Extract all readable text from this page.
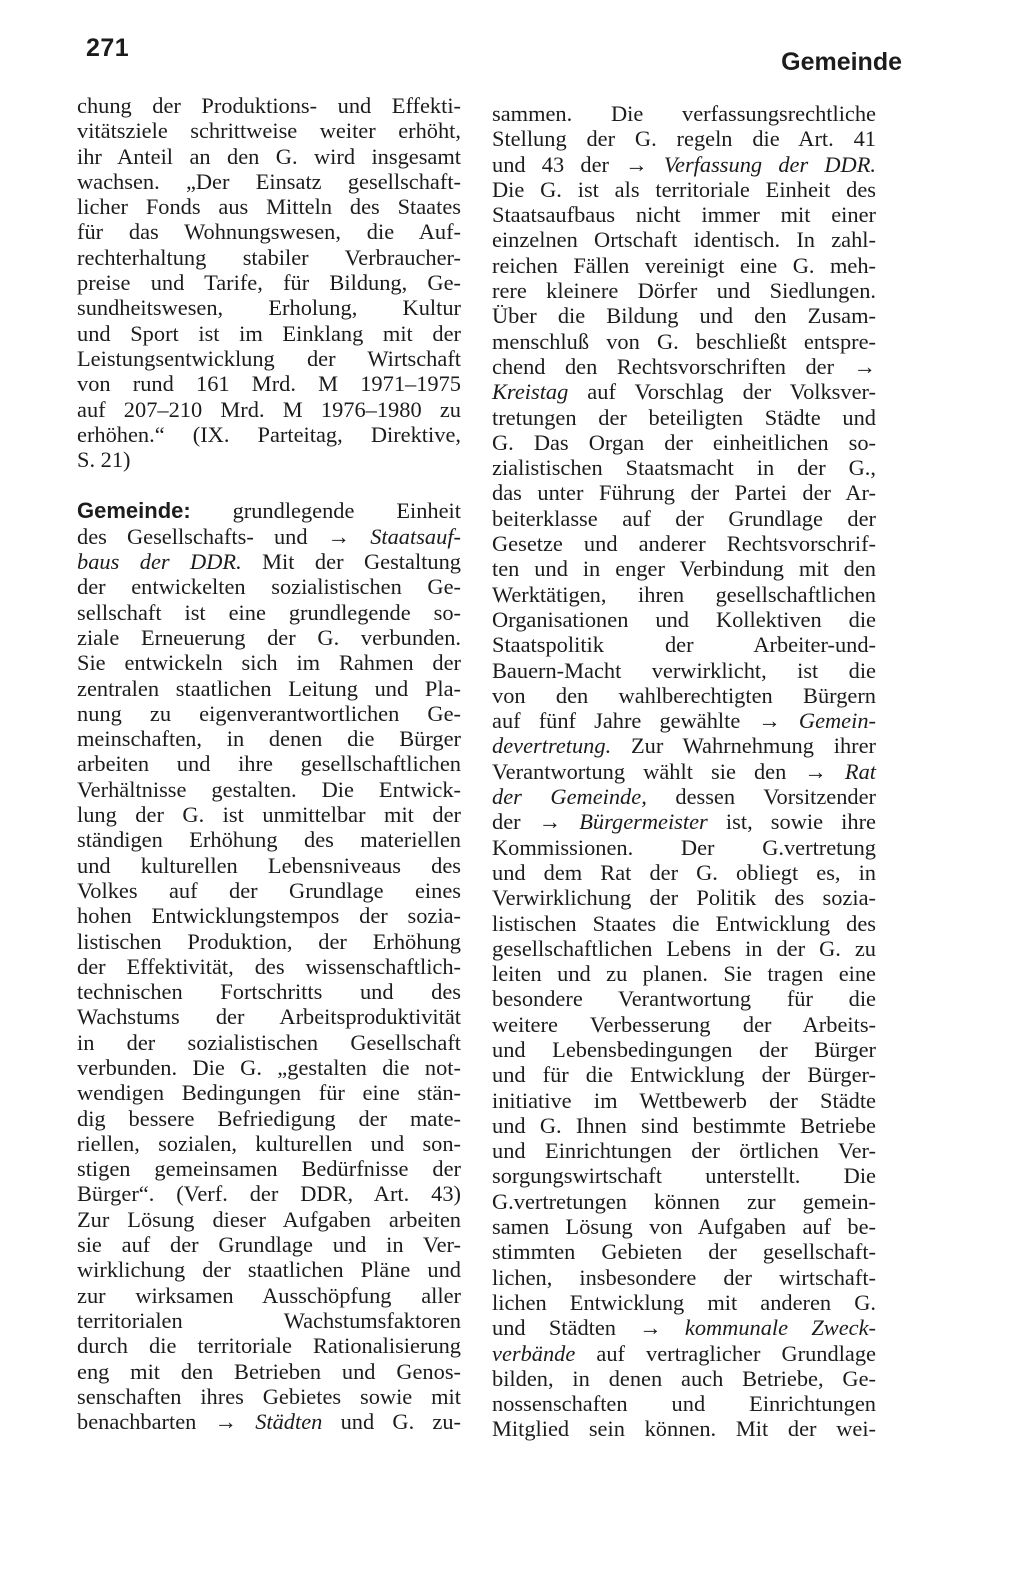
271	Gemeinde
chung der Produktions- und Effekti-
vitätsziele schrittweise weiter erhöht,
ihr Anteil an den G. wird insgesamt
wachsen. „Der Einsatz gesellschaft-
licher Fonds aus Mitteln des Staates
für das Wohnungswesen, die Auf-
rechterhaltung stabiler Verbraucher-
preise und Tarife, für Bildung, Ge-
sundheitswesen, Erholung, Kultur
und Sport ist im Einklang mit der
Leistungsentwicklung der Wirtschaft
von rund 161 Mrd. M 1971–1975
auf 207–210 Mrd. M 1976–1980 zu
erhöhen.“ (IX. Parteitag, Direktive,
S. 21)
Gemeinde: grundlegende Einheit
des Gesellschafts- und → Staatsauf-
baus der DDR. Mit der Gestaltung
der entwickelten sozialistischen Ge-
sellschaft ist eine grundlegende so-
ziale Erneuerung der G. verbunden.
Sie entwickeln sich im Rahmen der
zentralen staatlichen Leitung und Pla-
nung zu eigenverantwortlichen Ge-
meinschaften, in denen die Bürger
arbeiten und ihre gesellschaftlichen
Verhältnisse gestalten. Die Entwick-
lung der G. ist unmittelbar mit der
ständigen Erhöhung des materiellen
und kulturellen Lebensniveaus des
Volkes auf der Grundlage eines
hohen Entwicklungstempos der sozia-
listischen Produktion, der Erhöhung
der Effektivität, des wissenschaftlich-
technischen Fortschritts und des
Wachstums der Arbeitsproduktivität
in der sozialistischen Gesellschaft
verbunden. Die G. „gestalten die not-
wendigen Bedingungen für eine stän-
dig bessere Befriedigung der mate-
riellen, sozialen, kulturellen und son-
stigen gemeinsamen Bedürfnisse der
Bürger“. (Verf. der DDR, Art. 43)
Zur Lösung dieser Aufgaben arbeiten
sie auf der Grundlage und in Ver-
wirklichung der staatlichen Pläne und
zur wirksamen Ausschöpfung aller
territorialen Wachstumsfaktoren
durch die territoriale Rationalisierung
eng mit den Betrieben und Genos-
senschaften ihres Gebietes sowie mit
benachbarten → Städten und G. zu-
sammen. Die verfassungsrechtliche
Stellung der G. regeln die Art. 41
und 43 der → Verfassung der DDR.
Die G. ist als territoriale Einheit des
Staatsaufbaus nicht immer mit einer
einzelnen Ortschaft identisch. In zahl-
reichen Fällen vereinigt eine G. meh-
rere kleinere Dörfer und Siedlungen.
Über die Bildung und den Zusam-
menschluß von G. beschließt entspre-
chend den Rechtsvorschriften der →
Kreistag auf Vorschlag der Volksver-
tretungen der beteiligten Städte und
G. Das Organ der einheitlichen so-
zialistischen Staatsmacht in der G.,
das unter Führung der Partei der Ar-
beiterklasse auf der Grundlage der
Gesetze und anderer Rechtsvorschrif-
ten und in enger Verbindung mit den
Werktätigen, ihren gesellschaftlichen
Organisationen und Kollektiven die
Staatspolitik der Arbeiter-und-
Bauern-Macht verwirklicht, ist die
von den wahlberechtigten Bürgern
auf fünf Jahre gewählte → Gemein-
devertretung. Zur Wahrnehmung ihrer
Verantwortung wählt sie den → Rat
der Gemeinde, dessen Vorsitzender
der → Bürgermeister ist, sowie ihre
Kommissionen. Der G.vertretung
und dem Rat der G. obliegt es, in
Verwirklichung der Politik des sozia-
listischen Staates die Entwicklung des
gesellschaftlichen Lebens in der G. zu
leiten und zu planen. Sie tragen eine
besondere Verantwortung für die
weitere Verbesserung der Arbeits-
und Lebensbedingungen der Bürger
und für die Entwicklung der Bürger-
initiative im Wettbewerb der Städte
und G. Ihnen sind bestimmte Betriebe
und Einrichtungen der örtlichen Ver-
sorgungswirtschaft unterstellt. Die
G.vertretungen können zur gemein-
samen Lösung von Aufgaben auf be-
stimmten Gebieten der gesellschaft-
lichen, insbesondere der wirtschaft-
lichen Entwicklung mit anderen G.
und Städten → kommunale Zweck-
verbände auf vertraglicher Grundlage
bilden, in denen auch Betriebe, Ge-
nossenschaften und Einrichtungen
Mitglied sein können. Mit der wei-
